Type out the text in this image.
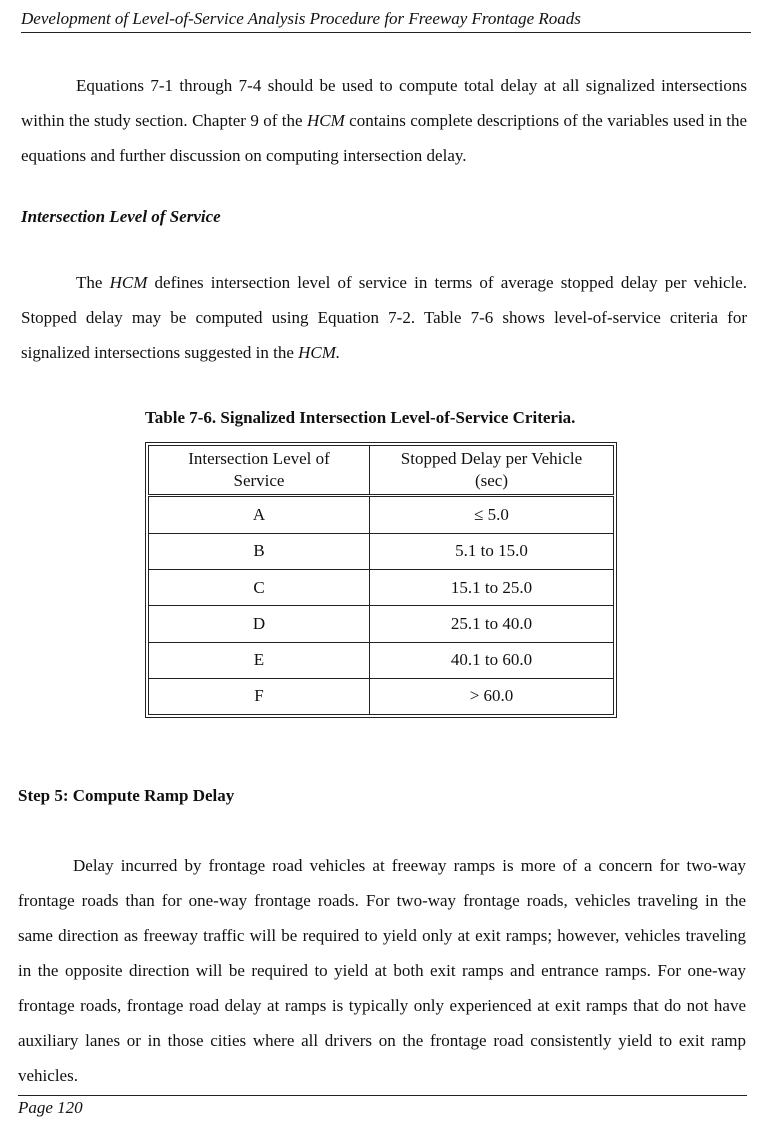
Development of Level-of-Service Analysis Procedure for Freeway Frontage Roads

Equations 7-1 through 7-4 should be used to compute total delay at all signalized intersections within the study section. Chapter 9 of the HCM contains complete descriptions of the variables used in the equations and further discussion on computing intersection delay.

Intersection Level of Service

The HCM defines intersection level of service in terms of average stopped delay per vehicle. Stopped delay may be computed using Equation 7-2. Table 7-6 shows level-of-service criteria for signalized intersections suggested in the HCM.

Table 7-6. Signalized Intersection Level-of-Service Criteria.
Intersection Level of
Service	Stopped Delay per Vehicle
(sec)
A	≤ 5.0
B	5.1 to 15.0
C	15.1 to 25.0
D	25.1 to 40.0
E	40.1 to 60.0
F	> 60.0
Step 5: Compute Ramp Delay

Delay incurred by frontage road vehicles at freeway ramps is more of a concern for two-way frontage roads than for one-way frontage roads. For two-way frontage roads, vehicles traveling in the same direction as freeway traffic will be required to yield only at exit ramps; however, vehicles traveling in the opposite direction will be required to yield at both exit ramps and entrance ramps. For one-way frontage roads, frontage road delay at ramps is typically only experienced at exit ramps that do not have auxiliary lanes or in those cities where all drivers on the frontage road consistently yield to exit ramp vehicles.

Page 120
